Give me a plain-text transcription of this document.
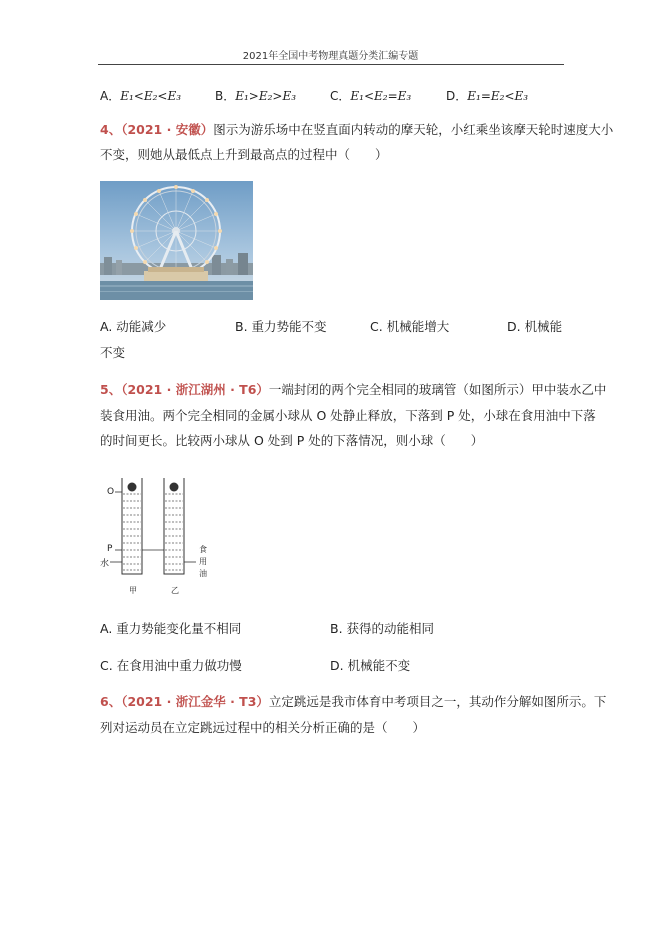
2021年全国中考物理真题分类汇编专题
A．E₁<E₂<E₃	B．E₁>E₂>E₃	C．E₁<E₂=E₃	D．E₁=E₂<E₃
4、（2021 · 安徽）图示为游乐场中在竖直面内转动的摩天轮，小红乘坐该摩天轮时速度大小
不变，则她从最低点上升到最高点的过程中（　　）
A. 动能减少	B. 重力势能不变	C. 机械能增大	D. 机械能
不变
5、（2021 · 浙江湖州 · T6）一端封闭的两个完全相同的玻璃管（如图所示）甲中装水乙中
装食用油。两个完全相同的金属小球从 O 处静止释放，下落到 P 处，小球在食用油中下落
的时间更长。比较两小球从 O 处到 P 处的下落情况，则小球（　　）
O
P
水
食
用
油
甲	乙
A. 重力势能变化量不相同	B. 获得的动能相同
C. 在食用油中重力做功慢	D. 机械能不变
6、（2021 · 浙江金华 · T3）立定跳远是我市体育中考项目之一，其动作分解如图所示。下
列对运动员在立定跳远过程中的相关分析正确的是（　　）
